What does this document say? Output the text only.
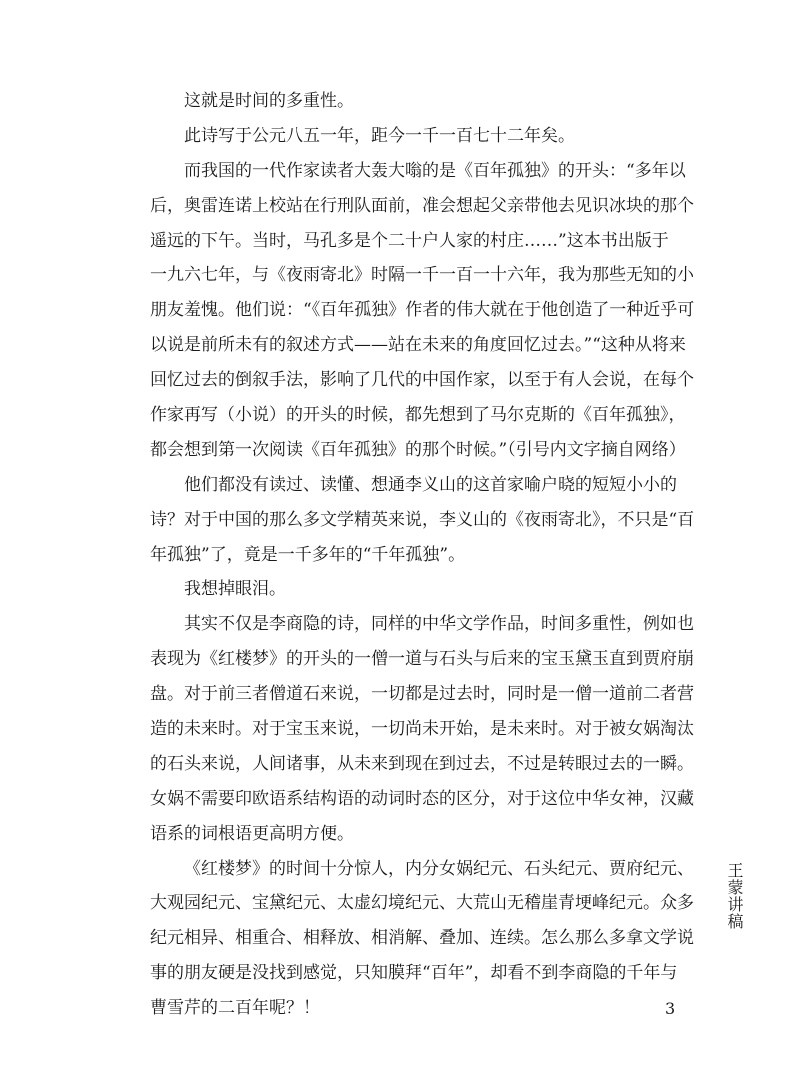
这就是时间的多重性。
此诗写于公元八五一年，距今一千一百七十二年矣。
而我国的一代作家读者大轰大嗡的是《百年孤独》的开头：“多年以
后，奥雷连诺上校站在行刑队面前，准会想起父亲带他去见识冰块的那个
遥远的下午。当时，马孔多是个二十户人家的村庄……”这本书出版于
一九六七年，与《夜雨寄北》时隔一千一百一十六年，我为那些无知的小
朋友羞愧。他们说：“《百年孤独》作者的伟大就在于他创造了一种近乎可
以说是前所未有的叙述方式——站在未来的角度回忆过去。”“这种从将来
回忆过去的倒叙手法，影响了几代的中国作家，以至于有人会说，在每个
作家再写（小说）的开头的时候，都先想到了马尔克斯的《百年孤独》，
都会想到第一次阅读《百年孤独》的那个时候。”（引号内文字摘自网络）
他们都没有读过、读懂、想通李义山的这首家喻户晓的短短小小的
诗？对于中国的那么多文学精英来说，李义山的《夜雨寄北》，不只是“百
年孤独”了，竟是一千多年的“千年孤独”。
我想掉眼泪。
其实不仅是李商隐的诗，同样的中华文学作品，时间多重性，例如也
表现为《红楼梦》的开头的一僧一道与石头与后来的宝玉黛玉直到贾府崩
盘。对于前三者僧道石来说，一切都是过去时，同时是一僧一道前二者营
造的未来时。对于宝玉来说，一切尚未开始，是未来时。对于被女娲淘汰
的石头来说，人间诸事，从未来到现在到过去，不过是转眼过去的一瞬。
女娲不需要印欧语系结构语的动词时态的区分，对于这位中华女神，汉藏
语系的词根语更高明方便。
《红楼梦》的时间十分惊人，内分女娲纪元、石头纪元、贾府纪元、
大观园纪元、宝黛纪元、太虚幻境纪元、大荒山无稽崖青埂峰纪元。众多
纪元相异、相重合、相释放、相消解、叠加、连续。怎么那么多拿文学说
事的朋友硬是没找到感觉，只知膜拜“百年”，却看不到李商隐的千年与
曹雪芹的二百年呢？！
王蒙讲稿
3
